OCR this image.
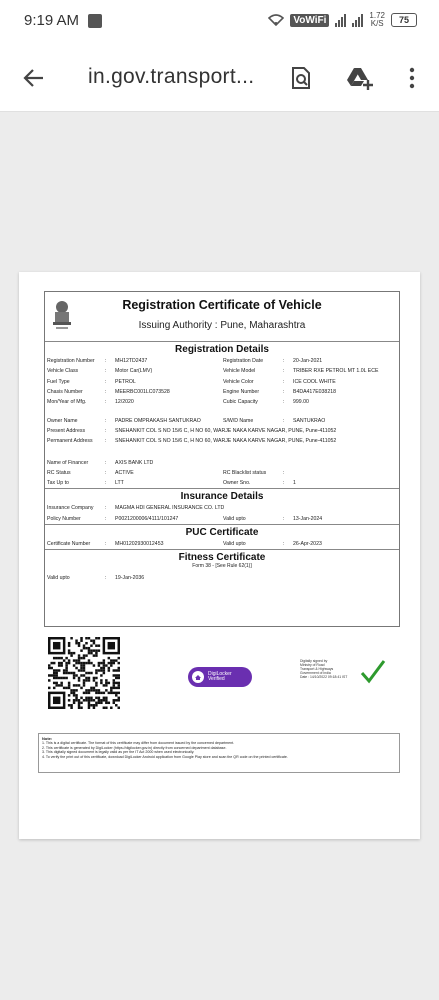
9:19 AM	VoWiFi	1.72
K/S	75
in.gov.transport...
Registration Certificate of Vehicle
Issuing Authority : Pune, Maharashtra
Registration Details
Registration Number	:	MH12TD2437	Registration Date	:	20-Jan-2021
Vehicle Class	:	Motor Car(LMV)	Vehicle Model	:	TRIBER RXE PETROL MT 1.0L ECE
Fuel Type	:	PETROL	Vehicle Color	:	ICE COOL WHITE
Chasis Number	:	MEERBC001LC073528	Engine Number	:	B4DA417E038218
Mon/Year of Mfg.	:	12/2020	Cubic Capacity	:	999.00
Owner Name	:	PADRE OMPRAKASH SANTUKRAO	S/W/D Name	:	SANTUKRAO
Present Address	:	SNEHANKIT COL S NO 15/6 C, H NO 60, WARJE NAKA KARVE NAGAR, PUNE, Pune-411052
Permanent Address	:	SNEHANKIT COL S NO 15/6 C, H NO 60, WARJE NAKA KARVE NAGAR, PUNE, Pune-411052
Name of Financer	:	AXIS BANK LTD
RC Status	:	ACTIVE	RC Blacklist status	:
Tax Up to	:	LTT	Owner Sno.	:	1
Insurance Details
Insurance Company	:	MAGMA HDI GENERAL INSURANCE CO. LTD
Policy Number	:	P0021200006/4111/101247	Valid upto	:	13-Jan-2024
PUC Certificate
Certificate Number	:	MH01202930012453	Valid upto	:	26-Apr-2023
Fitness Certificate
Form 38 - [See Rule 62(1)]
Valid upto	:	19-Jan-2036
DigiLocker
Verified
Digitally signed by
Ministry of Road
Transport & Highways
Government of India
Date : 14/10/2022 09:18:41 IST
Note:
1. This is a digital certificate. The format of this certificate may differ from document issued by the concerned department.
2. This certificate is generated by DigiLocker (https://digilocker.gov.in) directly from concerned department database.
3. This digitally signed document is legally valid as per the IT Act 2000 when used electronically.
4. To verify the print out of this certificate, download DigiLocker Android application from Google Play store and scan the QR code on the printed certificate.
